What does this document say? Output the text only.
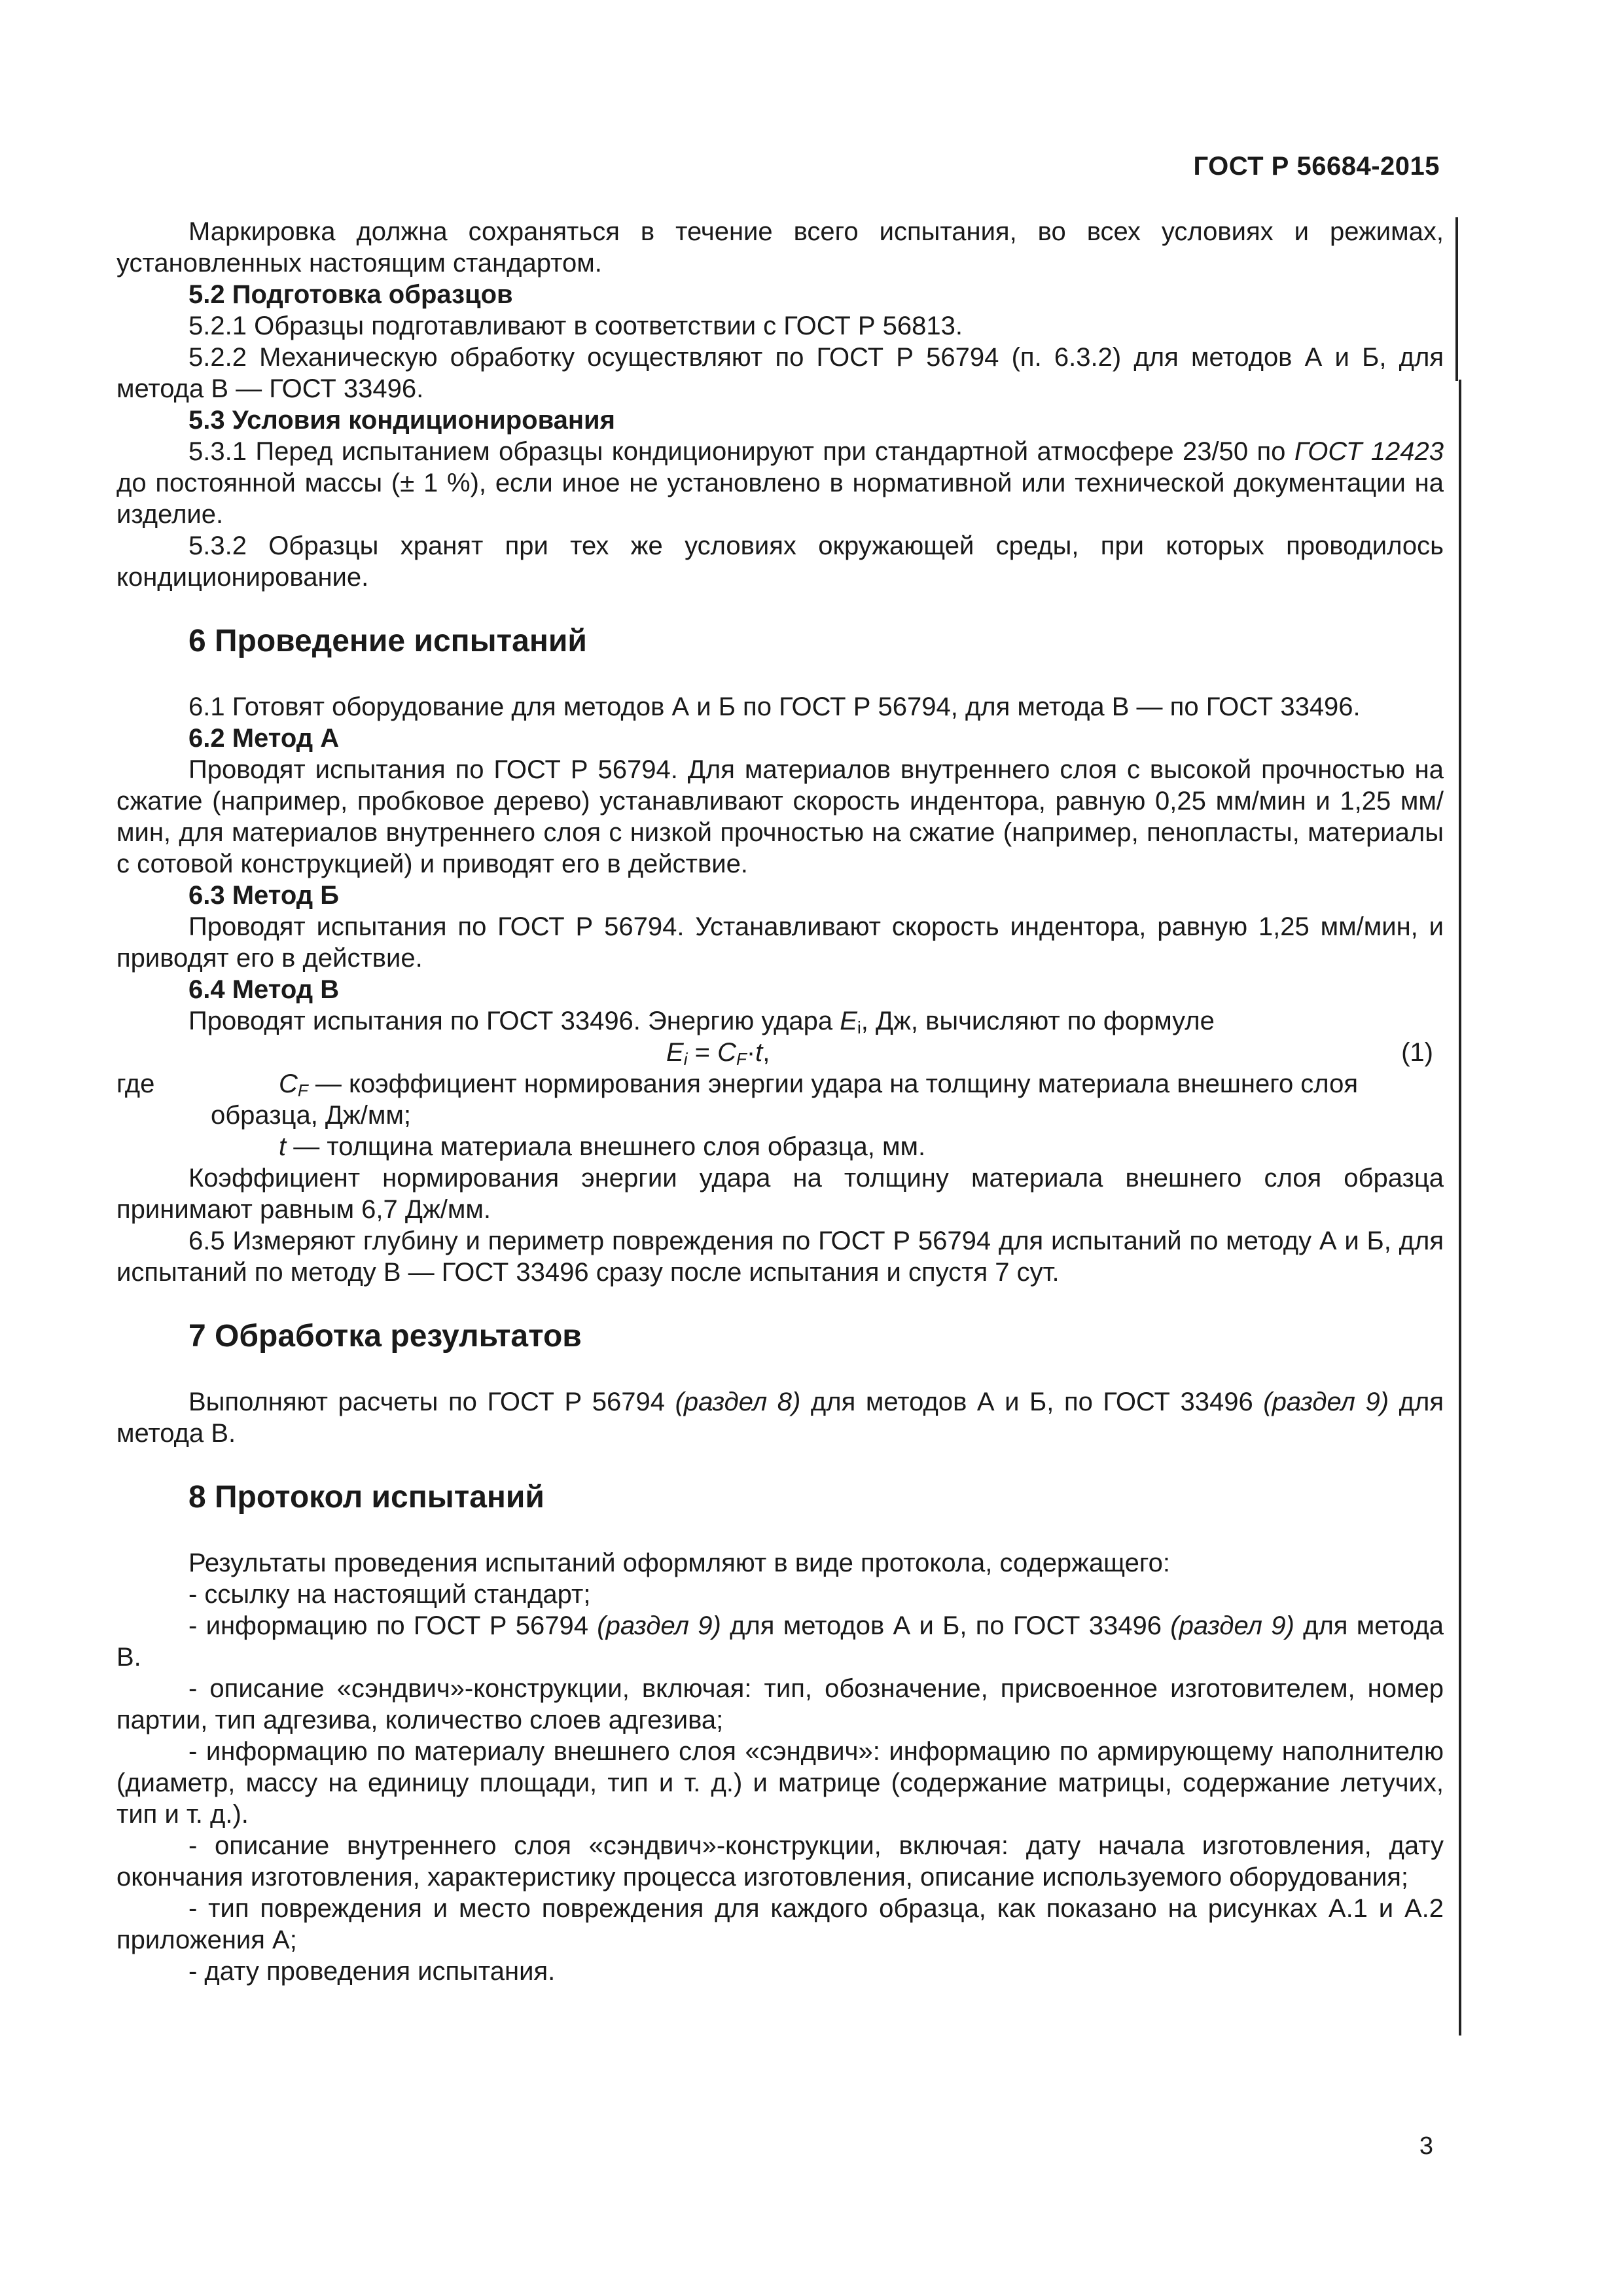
ГОСТ Р 56684-2015

Маркировка должна сохраняться в течение всего испытания, во всех условиях и режимах, установленных настоящим стандартом.

5.2 Подготовка образцов

5.2.1 Образцы подготавливают в соответствии с ГОСТ Р 56813.

5.2.2 Механическую обработку осуществляют по ГОСТ Р 56794 (п. 6.3.2) для методов А и Б, для метода В — ГОСТ 33496.

5.3 Условия кондиционирования

5.3.1 Перед испытанием образцы кондиционируют при стандартной атмосфере 23/50 по ГОСТ 12423 до постоянной массы (± 1 %), если иное не установлено в нормативной или технической документации на изделие.

5.3.2 Образцы хранят при тех же условиях окружающей среды, при которых проводилось кондиционирование.

6 Проведение испытаний

6.1 Готовят оборудование для методов А и Б по ГОСТ Р 56794, для метода В — по ГОСТ 33496.

6.2 Метод А

Проводят испытания по ГОСТ Р 56794. Для материалов внутреннего слоя с высокой прочностью на сжатие (например, пробковое дерево) устанавливают скорость индентора, равную 0,25 мм/мин и 1,25 мм/мин, для материалов внутреннего слоя с низкой прочностью на сжатие (например, пенопласты, материалы с сотовой конструкцией) и приводят его в действие.

6.3 Метод Б

Проводят испытания по ГОСТ Р 56794. Устанавливают скорость индентора, равную 1,25 мм/мин, и приводят его в действие.

6.4 Метод В

Проводят испытания по ГОСТ 33496. Энергию удара $E_i$, Дж, вычисляют по формуле

$E_i = C_F\cdot t$,	(1)
где	$C_F$ — коэффициент нормирования энергии удара на толщину материала внешнего слоя
образца, Дж/мм;
t — толщина материала внешнего слоя образца, мм.

Коэффициент нормирования энергии удара на толщину материала внешнего слоя образца принимают равным 6,7 Дж/мм.

6.5 Измеряют глубину и периметр повреждения по ГОСТ Р 56794 для испытаний по методу А и Б, для испытаний по методу В — ГОСТ 33496 сразу после испытания и спустя 7 сут.

7 Обработка результатов

Выполняют расчеты по ГОСТ Р 56794 (раздел 8) для методов А и Б, по ГОСТ 33496 (раздел 9) для метода В.

8 Протокол испытаний

Результаты проведения испытаний оформляют в виде протокола, содержащего:

- ссылку на настоящий стандарт;

- информацию по ГОСТ Р 56794 (раздел 9) для методов А и Б, по ГОСТ 33496 (раздел 9) для метода В.

- описание «сэндвич»-конструкции, включая: тип, обозначение, присвоенное изготовителем, номер партии, тип адгезива, количество слоев адгезива;

- информацию по материалу внешнего слоя «сэндвич»: информацию по армирующему наполнителю (диаметр, массу на единицу площади, тип и т. д.) и матрице (содержание матрицы, содержание летучих, тип и т. д.).

- описание внутреннего слоя «сэндвич»-конструкции, включая: дату начала изготовления, дату окончания изготовления, характеристику процесса изготовления, описание используемого оборудования;

- тип повреждения и место повреждения для каждого образца, как показано на рисунках А.1 и А.2 приложения А;

- дату проведения испытания.

3
